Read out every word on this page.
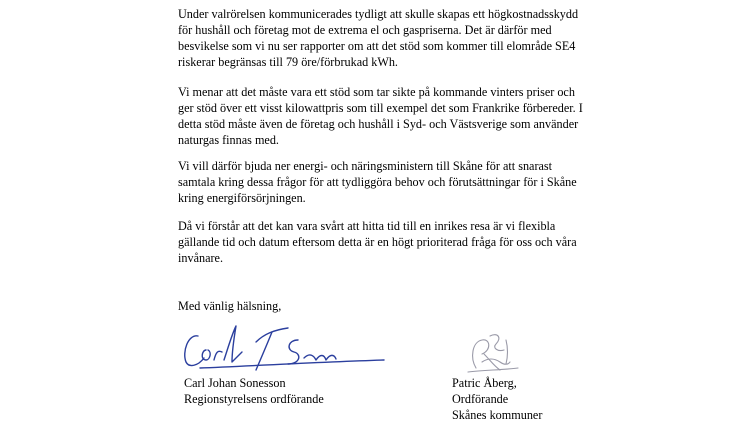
Under valrörelsen kommunicerades tydligt att skulle skapas ett högkostnadsskydd
för hushåll och företag mot de extrema el och gaspriserna. Det är därför med
besvikelse som vi nu ser rapporter om att det stöd som kommer till elområde SE4
riskerar begränsas till 79 öre/förbrukad kWh.

Vi menar att det måste vara ett stöd som tar sikte på kommande vinters priser och
ger stöd över ett visst kilowattpris som till exempel det som Frankrike förbereder. I
detta stöd måste även de företag och hushåll i Syd- och Västsverige som använder
naturgas finnas med.

Vi vill därför bjuda ner energi- och näringsministern till Skåne för att snarast
samtala kring dessa frågor för att tydliggöra behov och förutsättningar för i Skåne
kring energiförsörjningen.

Då vi förstår att det kan vara svårt att hitta tid till en inrikes resa är vi flexibla
gällande tid och datum eftersom detta är en högt prioriterad fråga för oss och våra
invånare.

Med vänlig hälsning,

Carl Johan Sonesson
Regionstyrelsens ordförande
Patric Åberg,
Ordförande
Skånes kommuner
